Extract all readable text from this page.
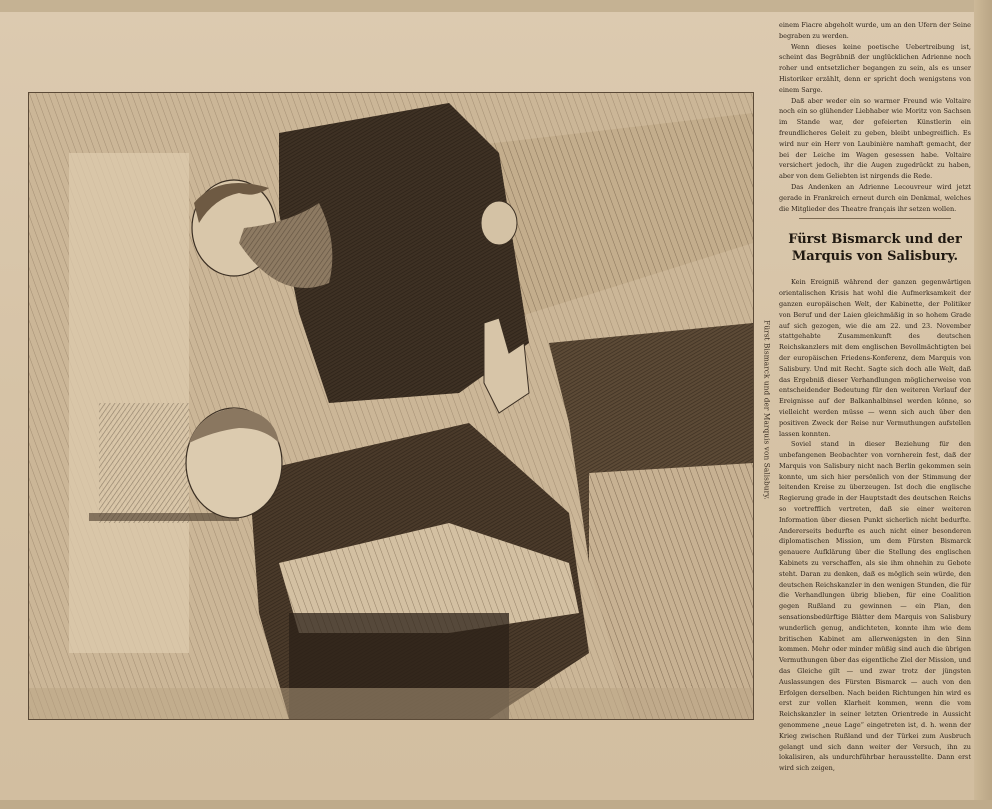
Fürst Bismarck und der Marquis von Salisbury.

einem Fiacre abgeholt wurde, um an den Ufern der Seine begraben zu werden.

Wenn dieses keine poetische Uebertreibung ist, scheint das Begräbniß der unglücklichen Adrienne noch roher und entsetzlicher begangen zu sein, als es unser Historiker erzählt, denn er spricht doch wenigstens von einem Sarge.

Daß aber weder ein so warmer Freund wie Voltaire noch ein so glühender Liebhaber wie Moritz von Sachsen im Stande war, der gefeierten Künstlerin ein freundlicheres Geleit zu geben, bleibt unbegreiflich. Es wird nur ein Herr von Laubinière namhaft gemacht, der bei der Leiche im Wagen gesessen habe. Voltaire versichert jedoch, ihr die Augen zugedrückt zu haben, aber von dem Geliebten ist nirgends die Rede.

Das Andenken an Adrienne Lecouvreur wird jetzt gerade in Frankreich erneut durch ein Denkmal, welches die Mitglieder des Theatre français ihr setzen wollen.

Fürst Bismarck und der Marquis von Salisbury.

Kein Ereigniß während der ganzen gegenwärtigen orientalischen Krisis hat wohl die Aufmerksamkeit der ganzen europäischen Welt, der Kabinette, der Politiker von Beruf und der Laien gleichmäßig in so hohem Grade auf sich gezogen, wie die am 22. und 23. November stattgehabte Zusammenkunft des deutschen Reichskanzlers mit dem englischen Bevollmächtigten bei der europäischen Friedens-Konferenz, dem Marquis von Salisbury. Und mit Recht. Sagte sich doch alle Welt, daß das Ergebniß dieser Verhandlungen möglicherweise von entscheidender Bedeutung für den weiteren Verlauf der Ereignisse auf der Balkanhalbinsel werden könne, so vielleicht werden müsse — wenn sich auch über den positiven Zweck der Reise nur Vermuthungen aufstellen lassen konnten.

Soviel stand in dieser Beziehung für den unbefangenen Beobachter von vornherein fest, daß der Marquis von Salisbury nicht nach Berlin gekommen sein konnte, um sich hier persönlich von der Stimmung der leitenden Kreise zu überzeugen. Ist doch die englische Regierung grade in der Hauptstadt des deutschen Reichs so vortrefflich vertreten, daß sie einer weiteren Information über diesen Punkt sicherlich nicht bedurfte. Andererseits bedurfte es auch nicht einer besonderen diplomatischen Mission, um dem Fürsten Bismarck genauere Aufklärung über die Stellung des englischen Kabinets zu verschaffen, als sie ihm ohnehin zu Gebote steht. Daran zu denken, daß es möglich sein würde, den deutschen Reichskanzler in den wenigen Stunden, die für die Verhandlungen übrig blieben, für eine Coalition gegen Rußland zu gewinnen — ein Plan, den sensationsbedürftige Blätter dem Marquis von Salisbury wunderlich genug, andichteten, konnte ihm wie dem britischen Kabinet am allerwenigsten in den Sinn kommen. Mehr oder minder müßig sind auch die übrigen Vermuthungen über das eigentliche Ziel der Mission, und das Gleiche gilt — und zwar trotz der jüngsten Auslassungen des Fürsten Bismarck — auch von den Erfolgen derselben. Nach beiden Richtungen hin wird es erst zur vollen Klarheit kommen, wenn die vom Reichskanzler in seiner letzten Orientrede in Aussicht genommene „neue Lage“ eingetreten ist, d. h. wenn der Krieg zwischen Rußland und der Türkei zum Ausbruch gelangt und sich dann weiter der Versuch, ihn zu lokalisiren, als undurchführbar herausstellte. Dann erst wird sich zeigen,
